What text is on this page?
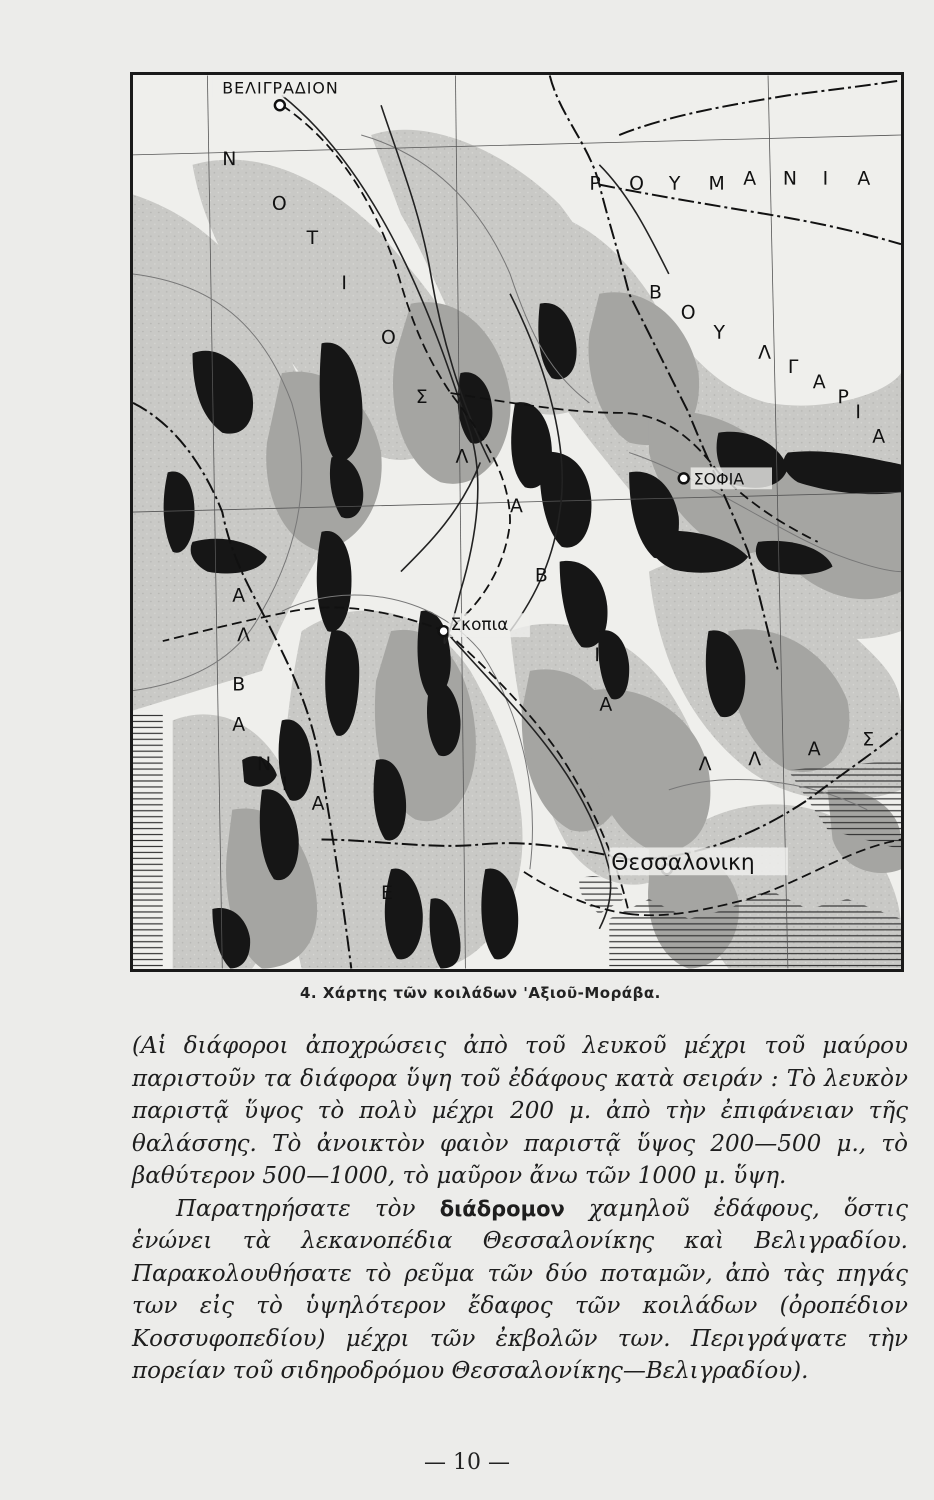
ΒΕΛΙΓΡΑΔΙΟΝ
ΣΟΦΙΑ
Σκοπια
Θεσσαλονικη
Ρ Ο Υ Μ Α Ν Ι Α
Β
Ο
Υ
Λ
Γ
Α
Ρ
Ι
Α
Ν
Ο
Τ
Ι
Ο
Σ
Λ
Α
Β
Ι
Α
Α
Λ
Β
Α
Ν
Ι
Α
Ε
Λ Λ Α Σ
4. Χάρτης τῶν κοιλάδων 'Αξιοῦ-Μοράβα.

(Αἱ διάφοροι ἀποχρώσεις ἀπὸ τοῦ λευκοῦ μέχρι τοῦ μαύρου παριστοῦν τα διάφορα ὕψη τοῦ ἐδάφους κατὰ σειράν : Τὸ λευκὸν παριστᾷ ὕψος τὸ πολὺ μέχρι 200 μ. ἀπὸ τὴν ἐπιφάνειαν τῆς θαλάσσης. Τὸ ἀνοικτὸν φαιὸν παριστᾷ ὕψος 200—500 μ., τὸ βαθύτερον 500—1000, τὸ μαῦρον ἄνω τῶν 1000 μ. ὕψη.

Παρατηρήσατε τὸν διάδρομον χαμηλοῦ ἐδάφους, ὅστις ἑνώνει τὰ λεκανοπέδια Θεσσαλονίκης καὶ Βελιγραδίου. Παρακολουθήσατε τὸ ρεῦμα τῶν δύο ποταμῶν, ἀπὸ τὰς πηγάς των εἰς τὸ ὑψηλότερον ἔδαφος τῶν κοιλάδων (ὀροπέδιον Κοσσυφοπεδίου) μέχρι τῶν ἐκβολῶν των. Περιγράψατε τὴν πορείαν τοῦ σιδηροδρόμου Θεσσαλονίκης—Βελιγραδίου).

— 10 —
